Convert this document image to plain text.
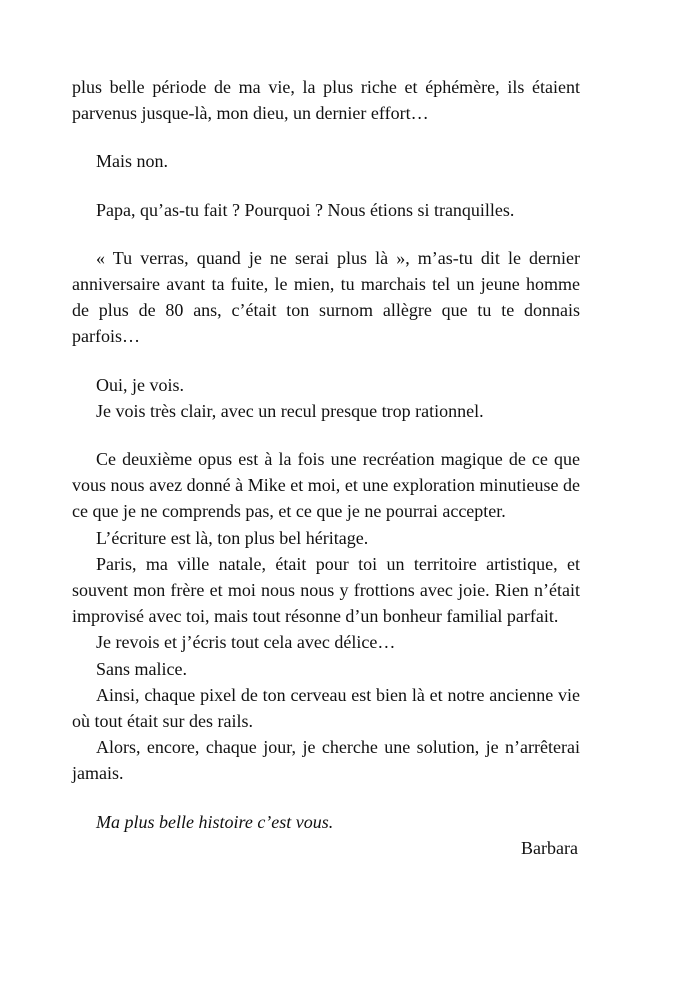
plus belle période de ma vie, la plus riche et éphémère, ils étaient parvenus jusque-là, mon dieu, un dernier effort…

Mais non.

Papa, qu’as-tu fait ? Pourquoi ? Nous étions si tranquilles.

« Tu verras, quand je ne serai plus là », m’as-tu dit le dernier anniversaire avant ta fuite, le mien, tu marchais tel un jeune homme de plus de 80 ans, c’était ton surnom allègre que tu te donnais parfois…

Oui, je vois.

Je vois très clair, avec un recul presque trop rationnel.

Ce deuxième opus est à la fois une recréation magique de ce que vous nous avez donné à Mike et moi, et une exploration minutieuse de ce que je ne comprends pas, et ce que je ne pourrai accepter.

L’écriture est là, ton plus bel héritage.

Paris, ma ville natale, était pour toi un territoire artistique, et souvent mon frère et moi nous nous y frottions avec joie. Rien n’était improvisé avec toi, mais tout résonne d’un bonheur familial parfait.

Je revois et j’écris tout cela avec délice…

Sans malice.

Ainsi, chaque pixel de ton cerveau est bien là et notre ancienne vie où tout était sur des rails.

Alors, encore, chaque jour, je cherche une solution, je n’arrêterai jamais.

Ma plus belle histoire c’est vous.

Barbara
